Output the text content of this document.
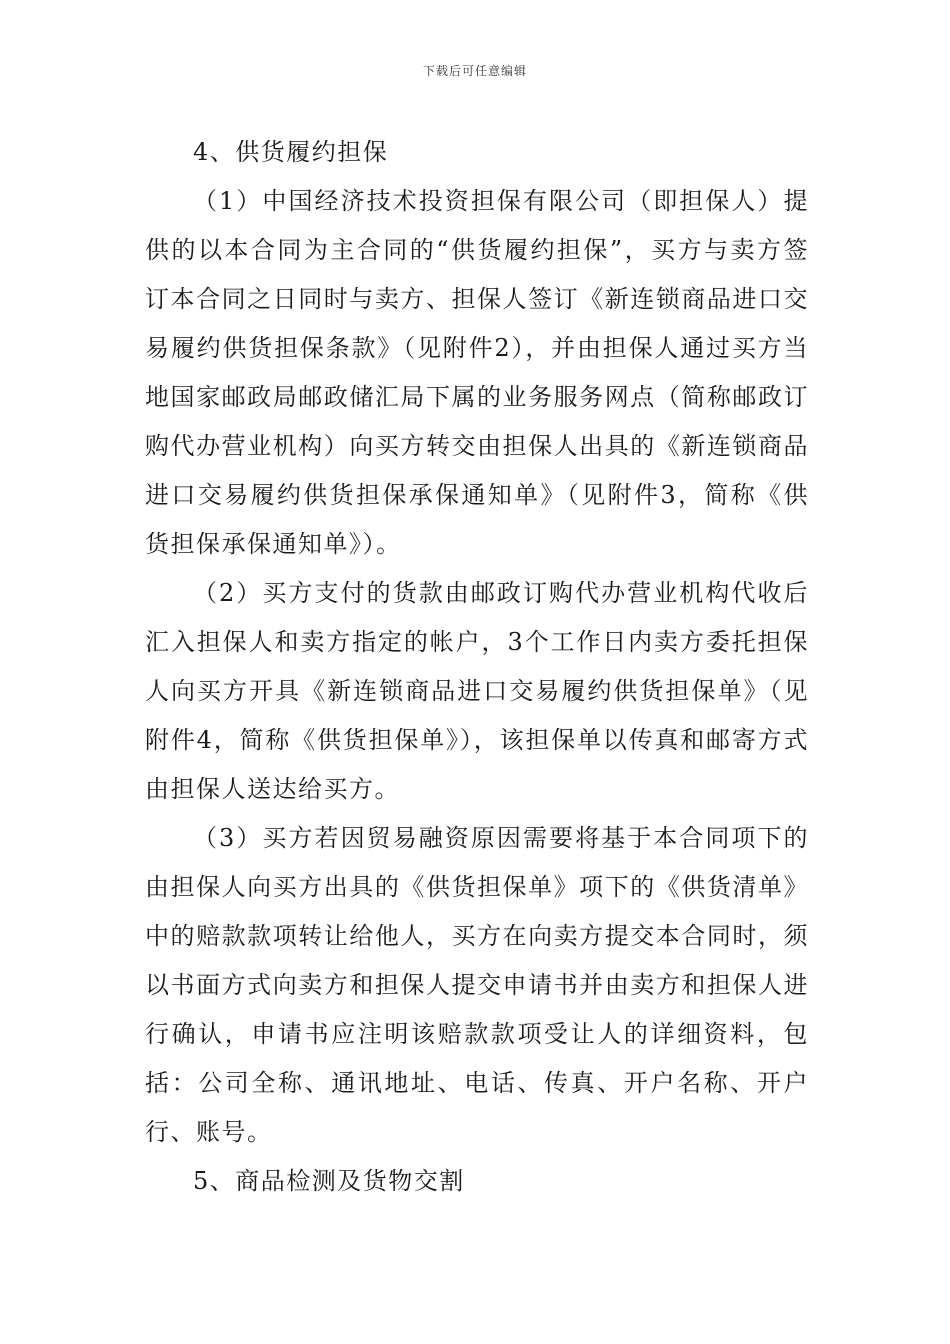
下载后可任意编辑

4、供货履约担保

（1）中国经济技术投资担保有限公司（即担保人）提供的以本合同为主合同的“供货履约担保”，买方与卖方签订本合同之日同时与卖方、担保人签订《新连锁商品进口交易履约供货担保条款》（见附件2），并由担保人通过买方当地国家邮政局邮政储汇局下属的业务服务网点（简称邮政订购代办营业机构）向买方转交由担保人出具的《新连锁商品进口交易履约供货担保承保通知单》（见附件3，简称《供货担保承保通知单》）。

（2）买方支付的货款由邮政订购代办营业机构代收后汇入担保人和卖方指定的帐户，3个工作日内卖方委托担保人向买方开具《新连锁商品进口交易履约供货担保单》（见附件4，简称《供货担保单》），该担保单以传真和邮寄方式由担保人送达给买方。

（3）买方若因贸易融资原因需要将基于本合同项下的由担保人向买方出具的《供货担保单》项下的《供货清单》中的赔款款项转让给他人，买方在向卖方提交本合同时，须以书面方式向卖方和担保人提交申请书并由卖方和担保人进行确认，申请书应注明该赔款款项受让人的详细资料，包括：公司全称、通讯地址、电话、传真、开户名称、开户行、账号。

5、商品检测及货物交割
